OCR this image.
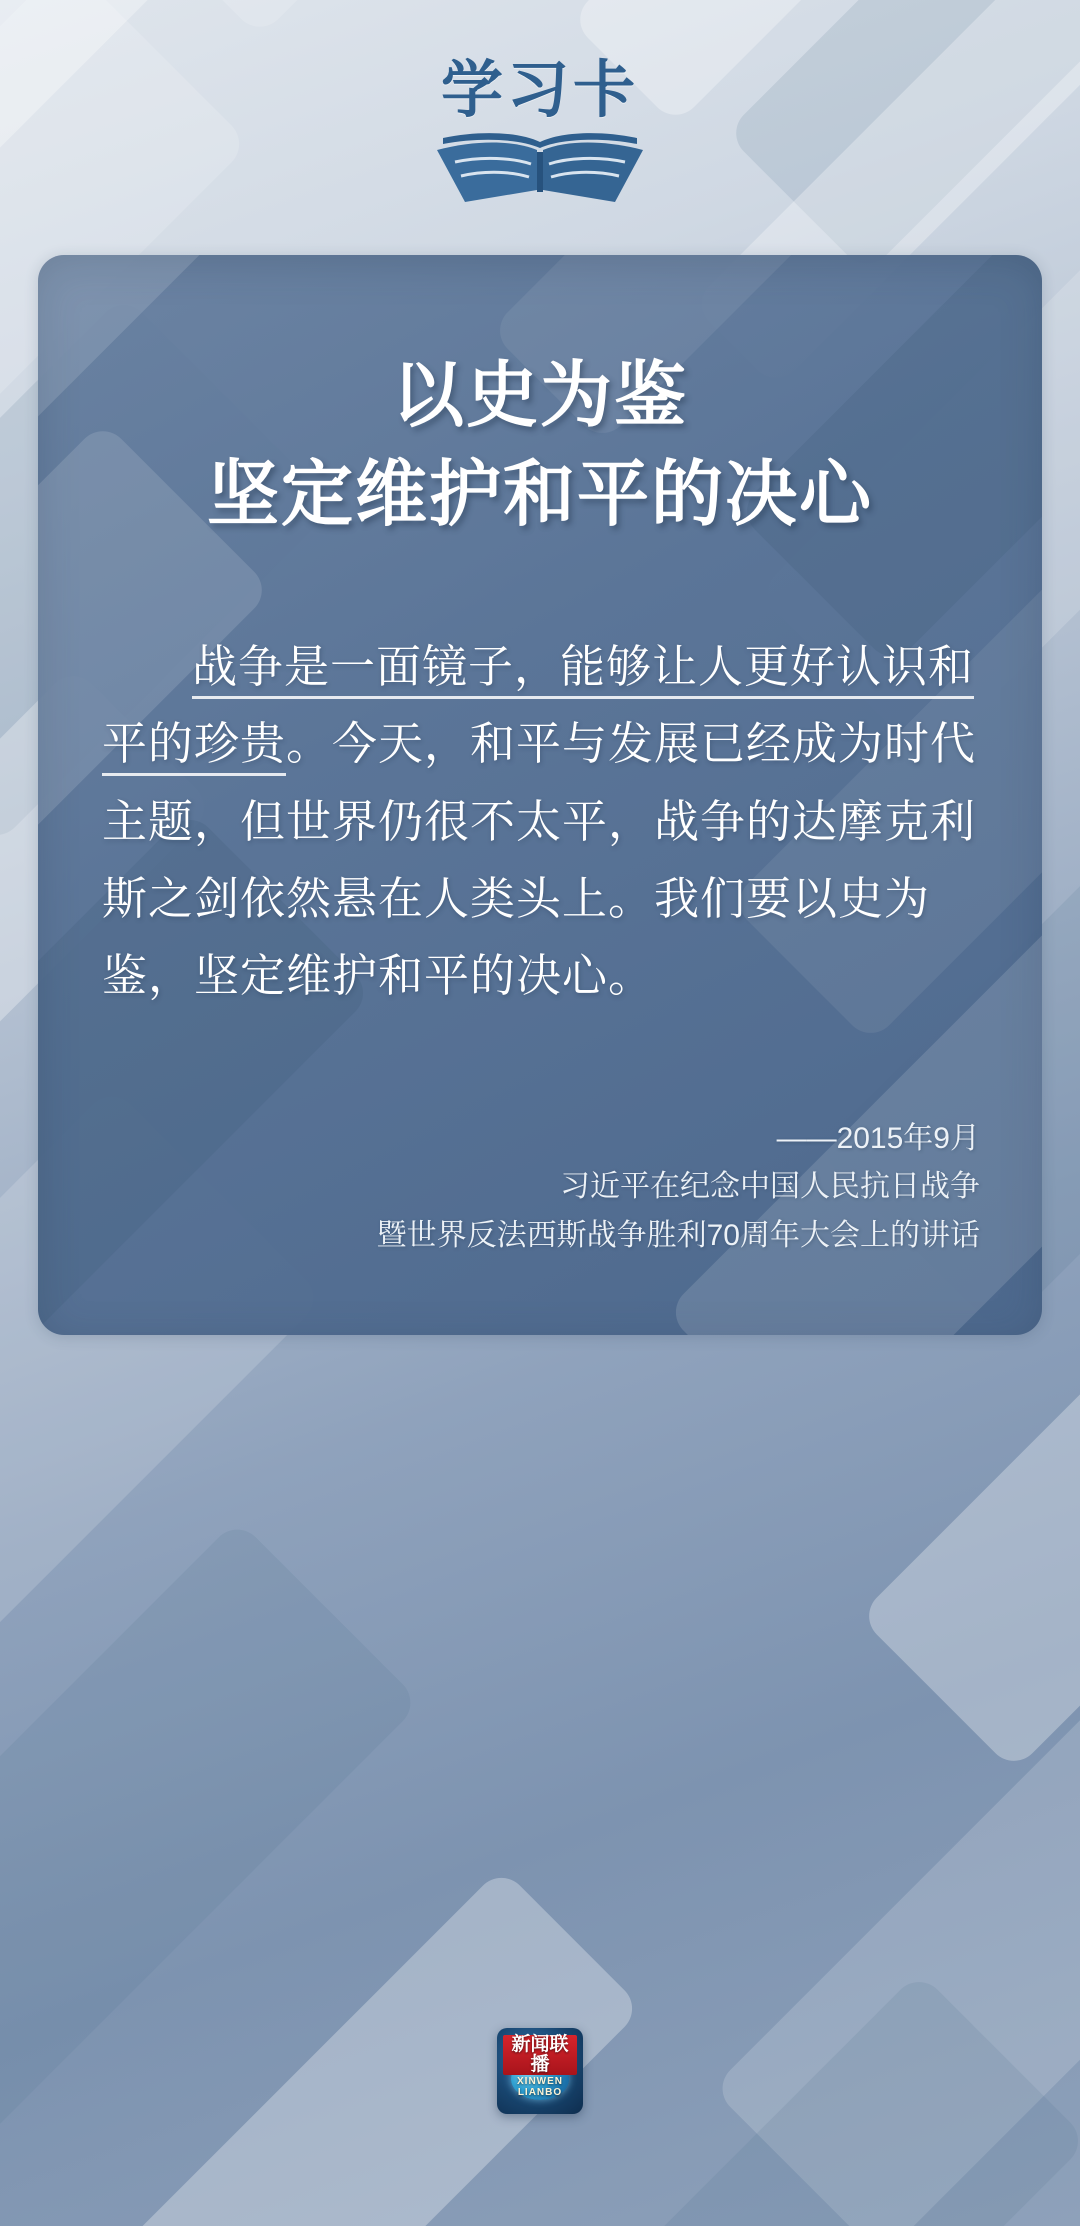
学习卡
以史为鉴
坚定维护和平的决心
战争是一面镜子，能够让人更好认识和平的珍贵。今天，和平与发展已经成为时代主题，但世界仍很不太平，战争的达摩克利斯之剑依然悬在人类头上。我们要以史为鉴，坚定维护和平的决心。
——2015年9月
习近平在纪念中国人民抗日战争
暨世界反法西斯战争胜利70周年大会上的讲话
新闻联播
XINWEN LIANBO
